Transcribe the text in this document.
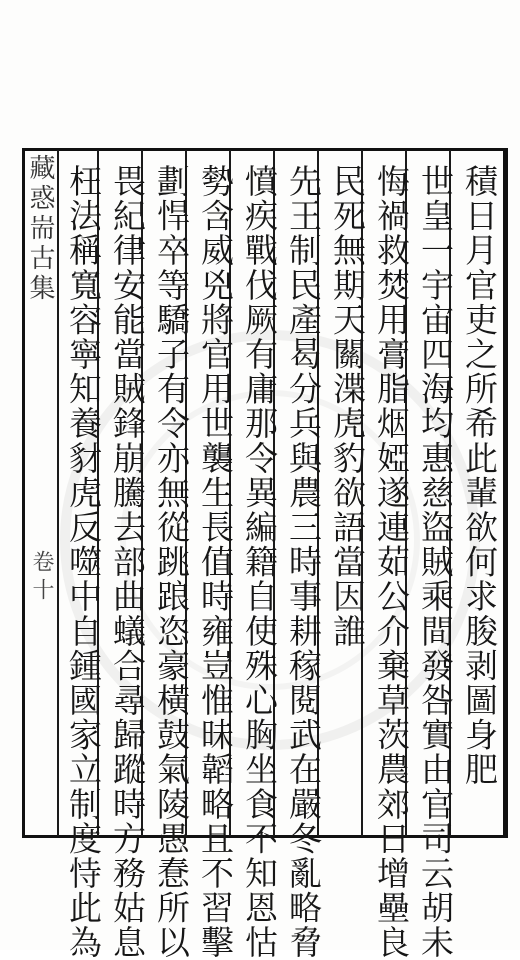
藏惑耑古集
卷十	積日月官吏之所希此輩欲何求朘剥圖身肥
世皇一宇宙四海均惠慈盜賊乘間發咎實由官司云胡未
悔禍救焚用膏脂烟婭遂連茹公介棄草茨農郊日增壘良
民死無期天關渫虎豹欲語當因誰
先王制民產曷分兵與農三時事耕稼閱武在嚴冬亂略脅
憤疾戰伐厥有庸那令異編籍自使殊心胸坐食不知恩怙
勢含威兇將官用世襲生長值時雍豈惟昧韜略且不習擊
劃悍卒等驕子有令亦無從跳踉恣豪橫鼓氣陵愚惷所以
畏紀律安能當賊鋒崩騰去部曲蟻合尋歸蹤時方務姑息
枉法稱寬容寧知養豺虎反噬中自鍾國家立制度恃此為
